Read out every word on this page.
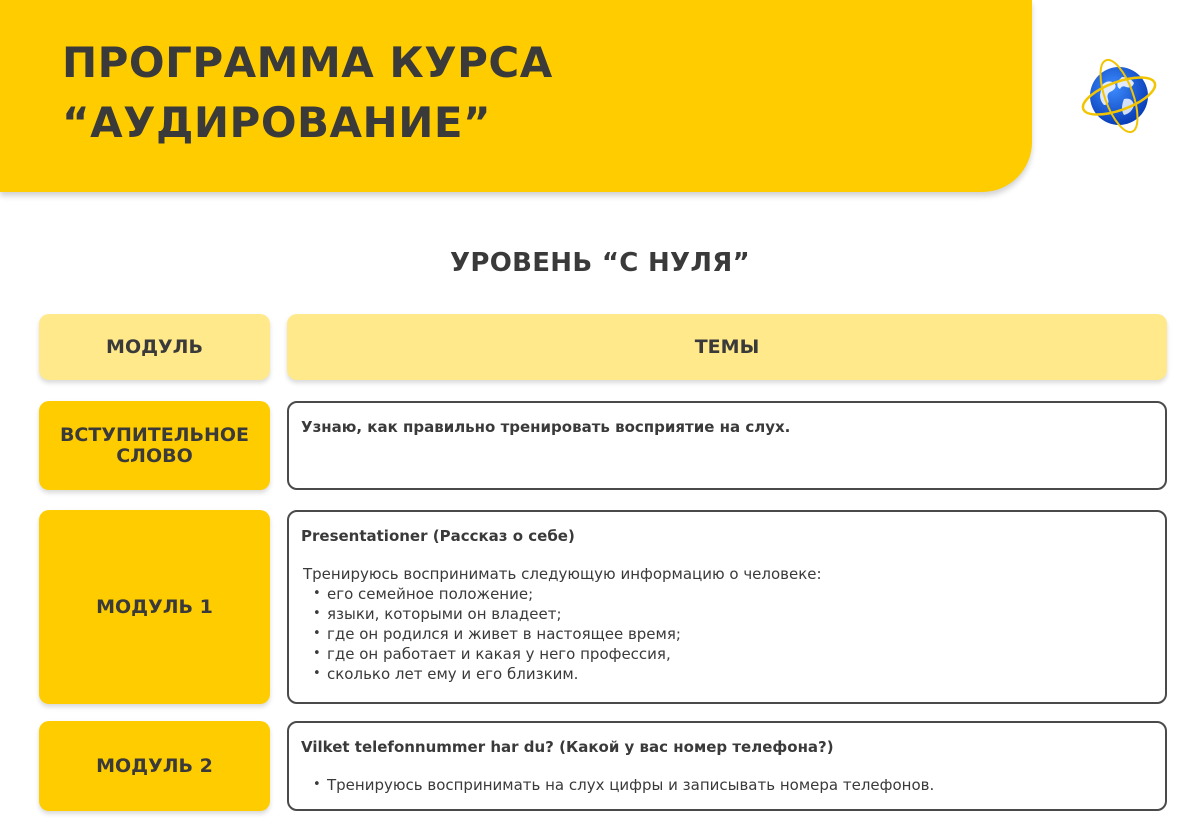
ПРОГРАММА КУРСА
“АУДИРОВАНИЕ”
УРОВЕНЬ “С НУЛЯ”
МОДУЛЬ	ТЕМЫ
ВСТУПИТЕЛЬНОЕ СЛОВО
Узнаю, как правильно тренировать восприятие на слух.
МОДУЛЬ 1
Presentationer (Рассказ о себе)
Тренируюсь воспринимать следующую информацию о человеке:
• его семейное положение;
• языки, которыми он владеет;
• где он родился и живет в настоящее время;
• где он работает и какая у него профессия,
• сколько лет ему и его близким.
МОДУЛЬ 2
Vilket telefonnummer har du? (Какой у вас номер телефона?)
• Тренируюсь воспринимать на слух цифры и записывать номера телефонов.
